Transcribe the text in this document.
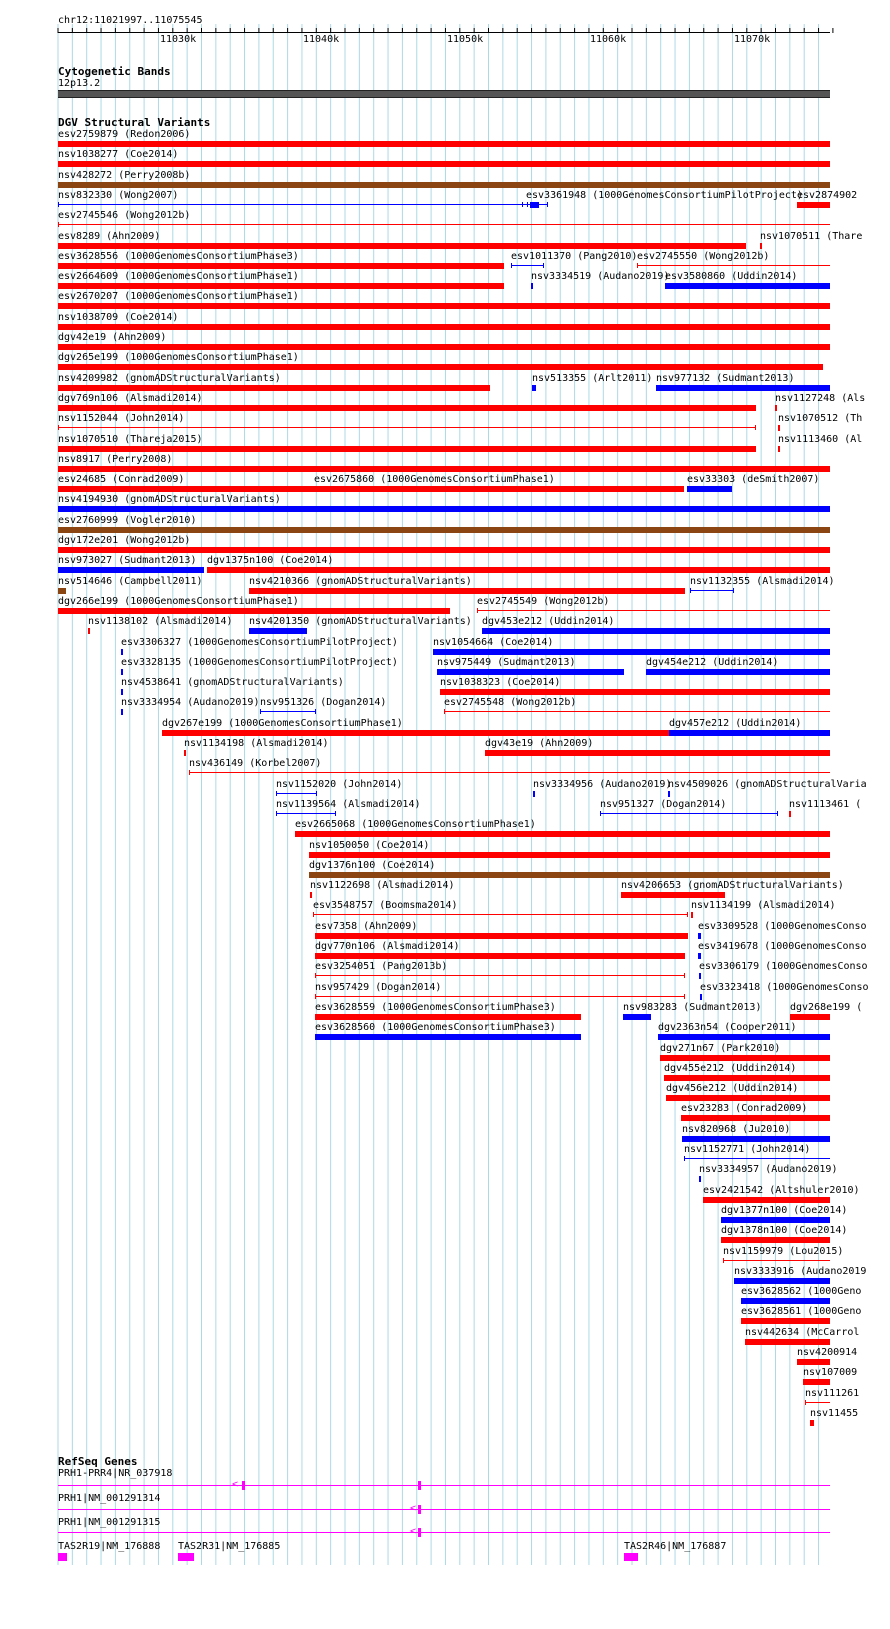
chr12:11021997..11075545
11030k	11040k	11050k	11060k	11070k
Cytogenetic Bands
12p13.2
DGV Structural Variants
esv2759879 (Redon2006)
nsv1038277 (Coe2014)
nsv428272 (Perry2008b)
nsv832330 (Wong2007)	esv3361948 (1000GenomesConsortiumPilotProject)
esv2874902
esv2745546 (Wong2012b)
esv8289 (Ahn2009)	nsv1070511 (Thare
esv3628556 (1000GenomesConsortiumPhase3)	esv1011370 (Pang2010) esv2745550 (Wong2012b)
esv2664609 (1000GenomesConsortiumPhase1)	nsv3334519 (Audano2019)
esv3580860 (Uddin2014)
esv2670207 (1000GenomesConsortiumPhase1)
nsv1038709 (Coe2014)
dgv42e19 (Ahn2009)
dgv265e199 (1000GenomesConsortiumPhase1)
nsv4209982 (gnomADStructuralVariants)	nsv513355 (Arlt2011) nsv977132 (Sudmant2013)
dgv769n106 (Alsmadi2014)	nsv1127248 (Als
nsv1152044 (John2014)	nsv1070512 (Th
nsv1070510 (Thareja2015)	nsv1113460 (Al
nsv8917 (Perry2008)
esv24685 (Conrad2009)	esv2675860 (1000GenomesConsortiumPhase1)	esv33303 (deSmith2007)
nsv4194930 (gnomADStructuralVariants)
esv2760999 (Vogler2010)
dgv172e201 (Wong2012b)
nsv973027 (Sudmant2013) dgv1375n100 (Coe2014)
nsv514646 (Campbell2011)	nsv4210366 (gnomADStructuralVariants)	nsv1132355 (Alsmadi2014)
dgv266e199 (1000GenomesConsortiumPhase1)	esv2745549 (Wong2012b)
nsv1138102 (Alsmadi2014) nsv4201350 (gnomADStructuralVariants) dgv453e212 (Uddin2014)
esv3306327 (1000GenomesConsortiumPilotProject)	nsv1054664 (Coe2014)
esv3328135 (1000GenomesConsortiumPilotProject)	nsv975449 (Sudmant2013)	dgv454e212 (Uddin2014)
nsv4538641 (gnomADStructuralVariants)	nsv1038323 (Coe2014)
nsv3334954 (Audano2019) nsv951326 (Dogan2014)	esv2745548 (Wong2012b)
dgv267e199 (1000GenomesConsortiumPhase1)	dgv457e212 (Uddin2014)
nsv1134198 (Alsmadi2014)	dgv43e19 (Ahn2009)
nsv436149 (Korbel2007)
nsv1152020 (John2014)	nsv3334956 (Audano2019)
nsv4509026 (gnomADStructuralVaria
nsv1139564 (Alsmadi2014)	nsv951327 (Dogan2014)	nsv1113461 (
esv2665068 (1000GenomesConsortiumPhase1)
nsv1050050 (Coe2014)
dgv1376n100 (Coe2014)
nsv1122698 (Alsmadi2014)	nsv4206653 (gnomADStructuralVariants)
esv3548757 (Boomsma2014)	nsv1134199 (Alsmadi2014)
esv7358 (Ahn2009)	esv3309528 (1000GenomesConso
dgv770n106 (Alsmadi2014)	esv3419678 (1000GenomesConso
esv3254051 (Pang2013b)	esv3306179 (1000GenomesConso
nsv957429 (Dogan2014)	esv3323418 (1000GenomesConso
esv3628559 (1000GenomesConsortiumPhase3)	nsv983283 (Sudmant2013)	dgv268e199 (
esv3628560 (1000GenomesConsortiumPhase3)	dgv2363n54 (Cooper2011)
dgv271n67 (Park2010)
dgv455e212 (Uddin2014)
dgv456e212 (Uddin2014)
esv23283 (Conrad2009)
nsv820968 (Ju2010)
nsv1152771 (John2014)
nsv3334957 (Audano2019)
esv2421542 (Altshuler2010)
dgv1377n100 (Coe2014)
dgv1378n100 (Coe2014)
nsv1159979 (Lou2015)
nsv3333916 (Audano2019
esv3628562 (1000Geno
esv3628561 (1000Geno
nsv442634 (McCarrol
nsv4200914
nsv107009
nsv111261
nsv11455
RefSeq Genes
PRH1-PRR4|NR_037918
<
PRH1|NM_001291314
<
PRH1|NM_001291315
<
TAS2R19|NM_176888 TAS2R31|NM_176885	TAS2R46|NM_176887
